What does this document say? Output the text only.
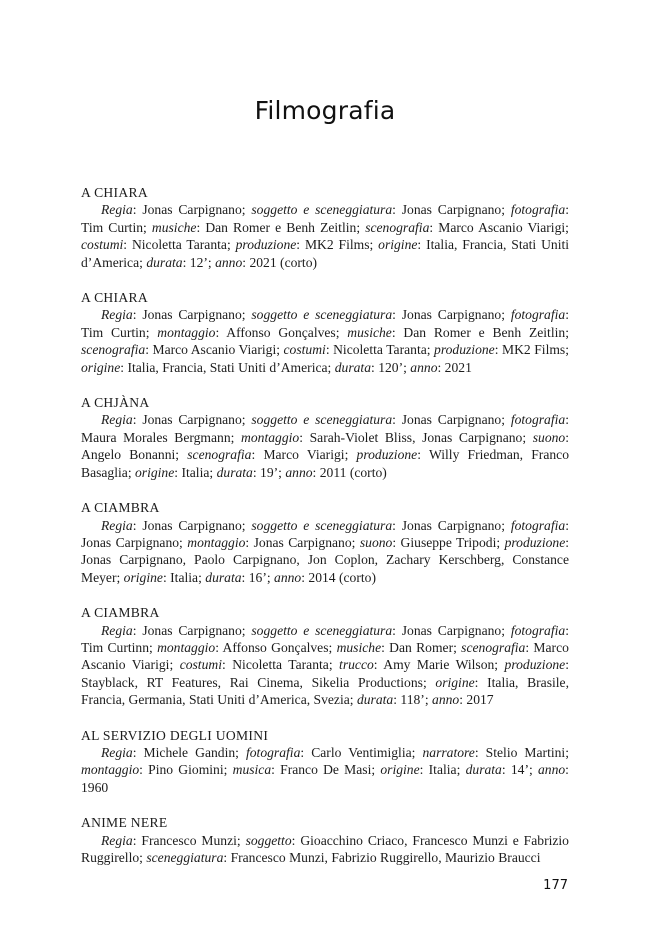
Filmografia

A CHIARA

Regia: Jonas Carpignano; soggetto e sceneggiatura: Jonas Carpignano; fotografia: Tim Curtin; musiche: Dan Romer e Benh Zeitlin; scenografia: Marco Ascanio Viarigi; costumi: Nicoletta Taranta; produzione: MK2 Films; origine: Italia, Francia, Stati Uniti d’America; durata: 12’; anno: 2021 (corto)

A CHIARA

Regia: Jonas Carpignano; soggetto e sceneggiatura: Jonas Carpignano; fotografia: Tim Curtin; montaggio: Affonso Gonçalves; musiche: Dan Romer e Benh Zeitlin; scenografia: Marco Ascanio Viarigi; costumi: Nicoletta Taranta; produzione: MK2 Films; origine: Italia, Francia, Stati Uniti d’America; durata: 120’; anno: 2021

A CHJÀNA

Regia: Jonas Carpignano; soggetto e sceneggiatura: Jonas Carpignano; fotografia: Maura Morales Bergmann; montaggio: Sarah-Violet Bliss, Jonas Carpignano; suono: Angelo Bonanni; scenografia: Marco Viarigi; produzione: Willy Friedman, Franco Basaglia; origine: Italia; durata: 19’; anno: 2011 (corto)

A CIAMBRA

Regia: Jonas Carpignano; soggetto e sceneggiatura: Jonas Carpignano; fotografia: Jonas Carpignano; montaggio: Jonas Carpignano; suono: Giuseppe Tripodi; produzione: Jonas Carpignano, Paolo Carpignano, Jon Coplon, Zachary Kerschberg, Constance Meyer; origine: Italia; durata: 16’; anno: 2014 (corto)

A CIAMBRA

Regia: Jonas Carpignano; soggetto e sceneggiatura: Jonas Carpignano; fotografia: Tim Curtinn; montaggio: Affonso Gonçalves; musiche: Dan Romer; scenografia: Marco Ascanio Viarigi; costumi: Nicoletta Taranta; trucco: Amy Marie Wilson; produzione: Stayblack, RT Features, Rai Cinema, Sikelia Productions; origine: Italia, Brasile, Francia, Germania, Stati Uniti d’America, Svezia; durata: 118’; anno: 2017

AL SERVIZIO DEGLI UOMINI

Regia: Michele Gandin; fotografia: Carlo Ventimiglia; narratore: Stelio Martini; montaggio: Pino Giomini; musica: Franco De Masi; origine: Italia; durata: 14’; anno: 1960

ANIME NERE

Regia: Francesco Munzi; soggetto: Gioacchino Criaco, Francesco Munzi e Fabrizio Ruggirello; sceneggiatura: Francesco Munzi, Fabrizio Ruggirello, Maurizio Braucci

177
